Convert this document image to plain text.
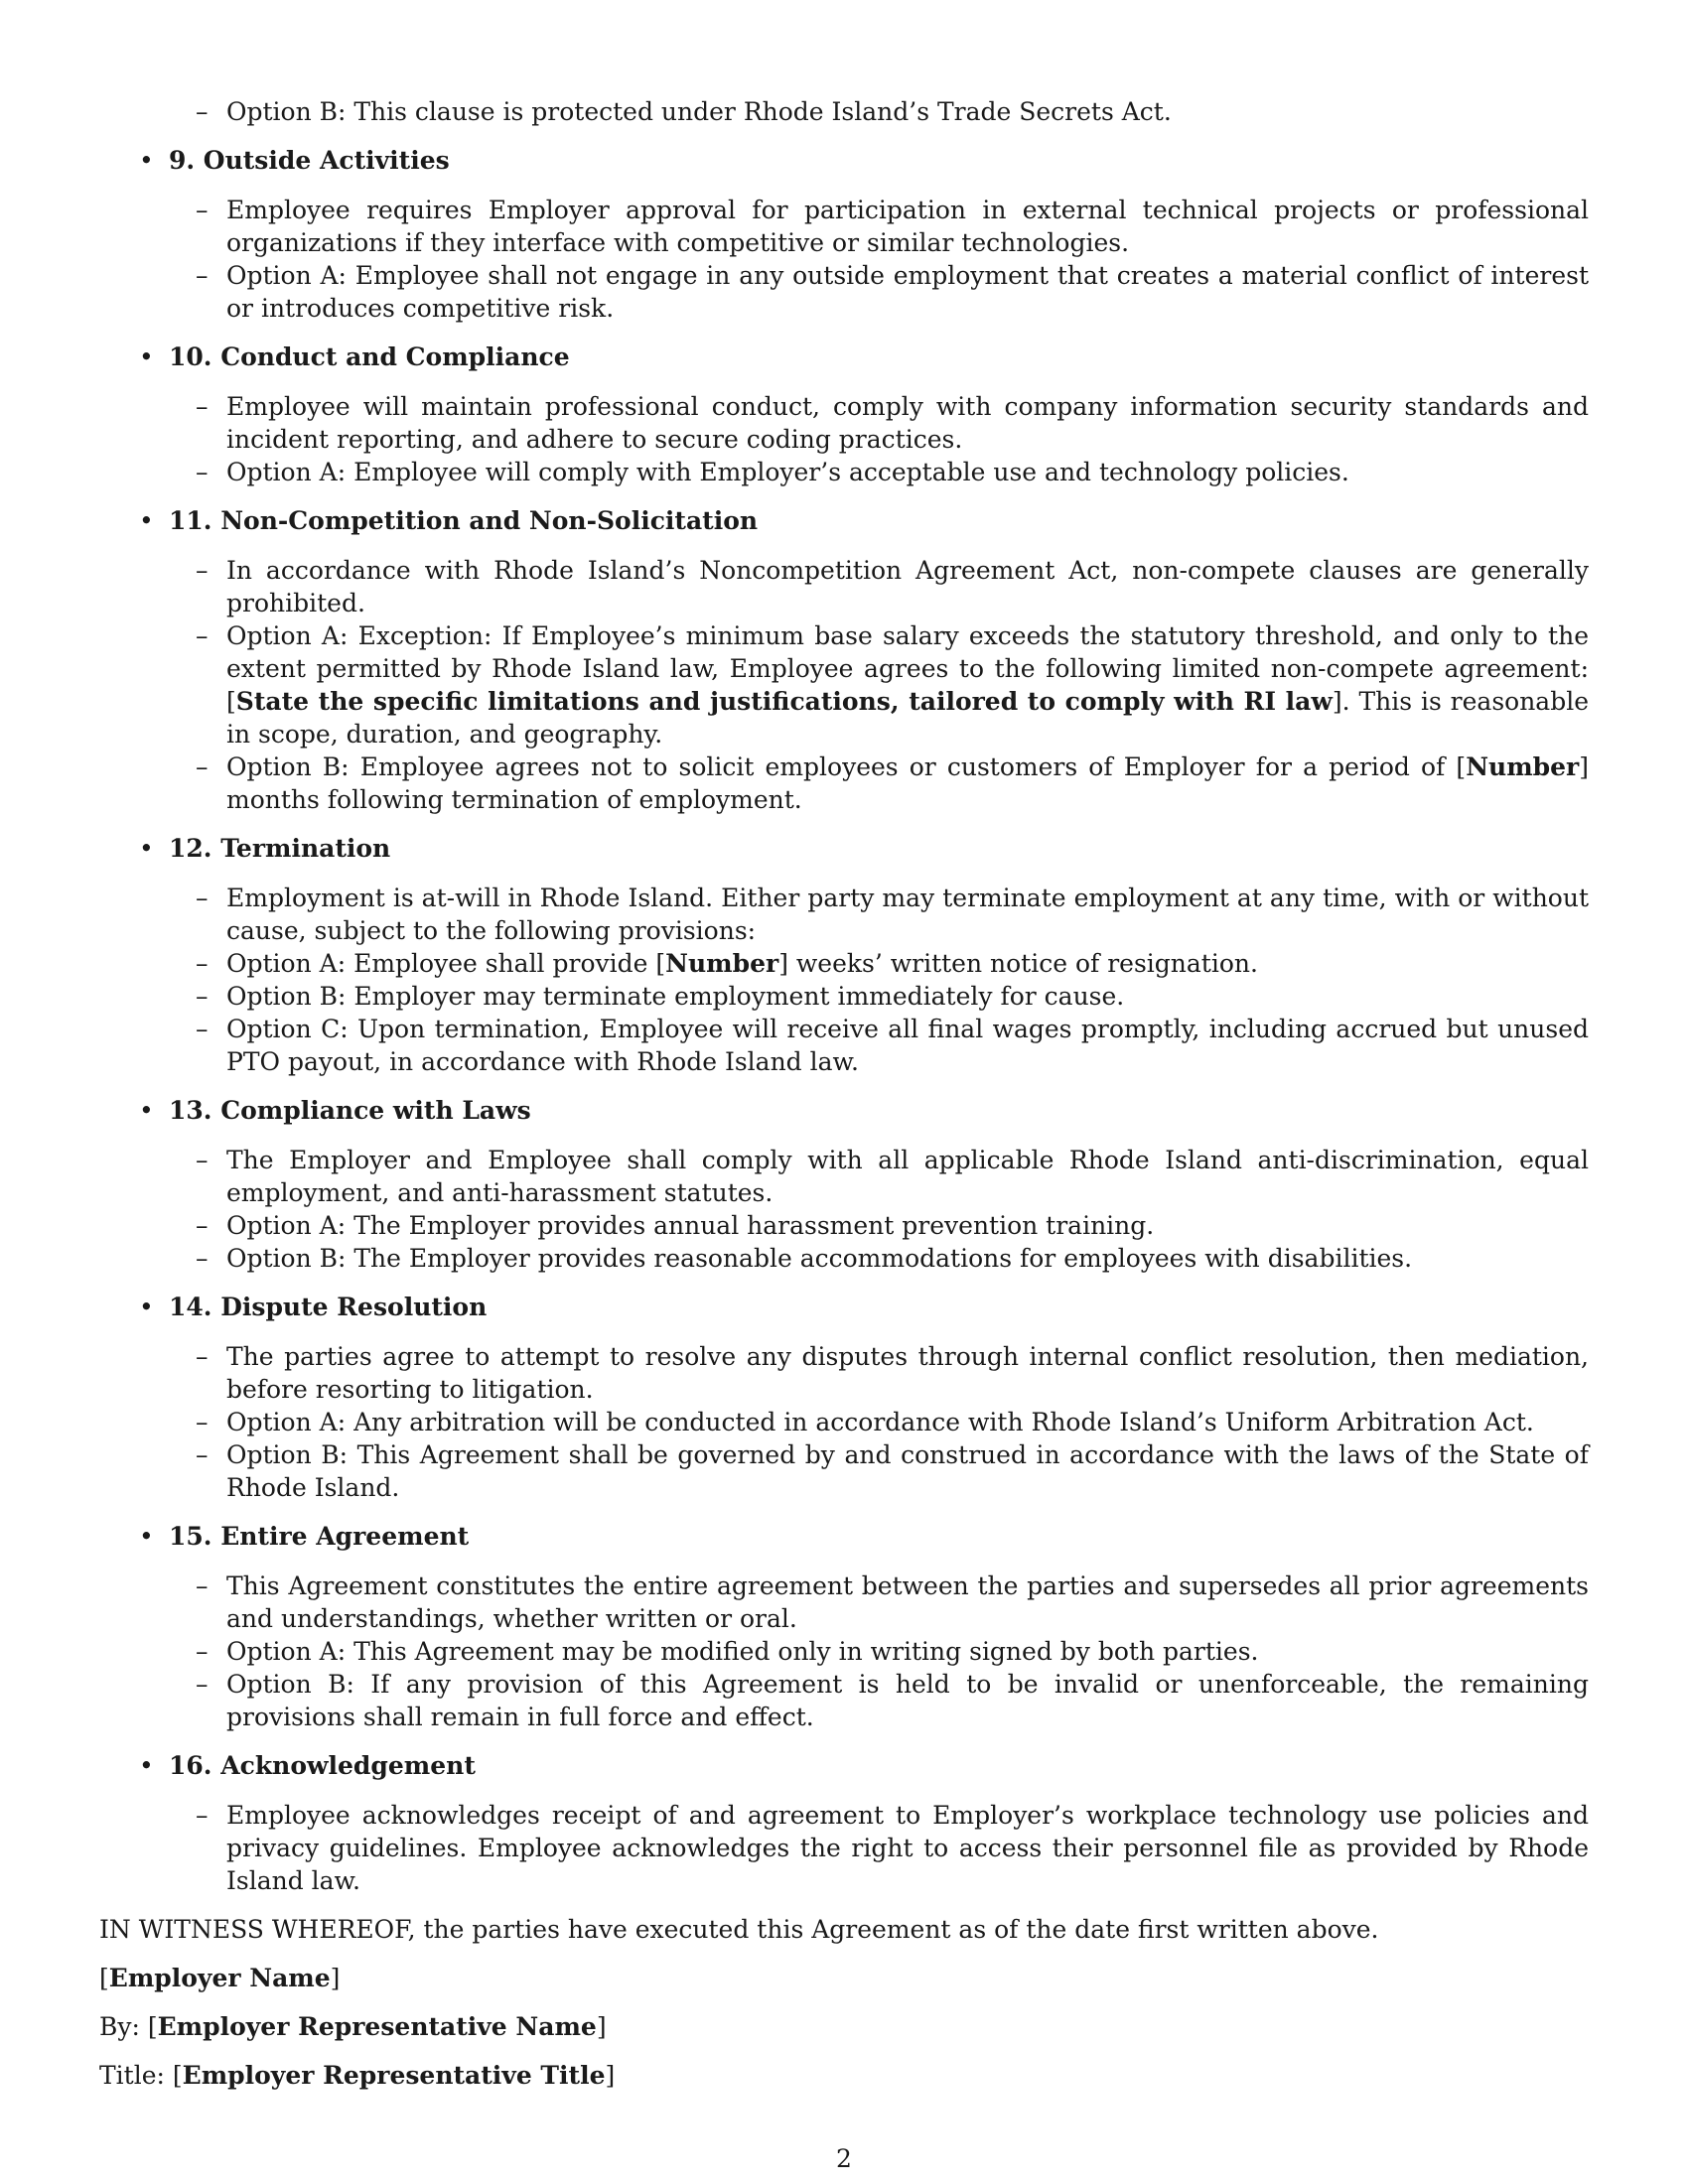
– Option B: This clause is protected under Rhode Island’s Trade Secrets Act.

• 9. Outside Activities
– Employee requires Employer approval for participation in external technical projects or professional organizations if they interface with competitive or similar technologies.
– Option A: Employee shall not engage in any outside employment that creates a material conflict of interest or introduces competitive risk.
• 10. Conduct and Compliance
– Employee will maintain professional conduct, comply with company information security standards and incident reporting, and adhere to secure coding practices.
– Option A: Employee will comply with Employer’s acceptable use and technology policies.
• 11. Non-Competition and Non-Solicitation
– In accordance with Rhode Island’s Noncompetition Agreement Act, non-compete clauses are generally prohibited.
– Option A: Exception: If Employee’s minimum base salary exceeds the statutory threshold, and only to the extent permitted by Rhode Island law, Employee agrees to the following limited non-compete agreement: [State the specific limitations and justifications, tailored to comply with RI law]. This is reasonable in scope, duration, and geography.
– Option B: Employee agrees not to solicit employees or customers of Employer for a period of [Number] months following termination of employment.
• 12. Termination
– Employment is at-will in Rhode Island. Either party may terminate employment at any time, with or without cause, subject to the following provisions:
– Option A: Employee shall provide [Number] weeks’ written notice of resignation.
– Option B: Employer may terminate employment immediately for cause.
– Option C: Upon termination, Employee will receive all final wages promptly, including accrued but unused PTO payout, in accordance with Rhode Island law.
• 13. Compliance with Laws
– The Employer and Employee shall comply with all applicable Rhode Island anti-discrimination, equal employment, and anti-harassment statutes.
– Option A: The Employer provides annual harassment prevention training.
– Option B: The Employer provides reasonable accommodations for employees with disabilities.
• 14. Dispute Resolution
– The parties agree to attempt to resolve any disputes through internal conflict resolution, then mediation, before resorting to litigation.
– Option A: Any arbitration will be conducted in accordance with Rhode Island’s Uniform Arbitration Act.
– Option B: This Agreement shall be governed by and construed in accordance with the laws of the State of Rhode Island.
• 15. Entire Agreement
– This Agreement constitutes the entire agreement between the parties and supersedes all prior agreements and understandings, whether written or oral.
– Option A: This Agreement may be modified only in writing signed by both parties.
– Option B: If any provision of this Agreement is held to be invalid or unenforceable, the remaining provisions shall remain in full force and effect.
• 16. Acknowledgement
– Employee acknowledges receipt of and agreement to Employer’s workplace technology use policies and privacy guidelines. Employee acknowledges the right to access their personnel file as provided by Rhode Island law.

IN WITNESS WHEREOF, the parties have executed this Agreement as of the date first written above.

[Employer Name]

By: [Employer Representative Name]

Title: [Employer Representative Title]

2
